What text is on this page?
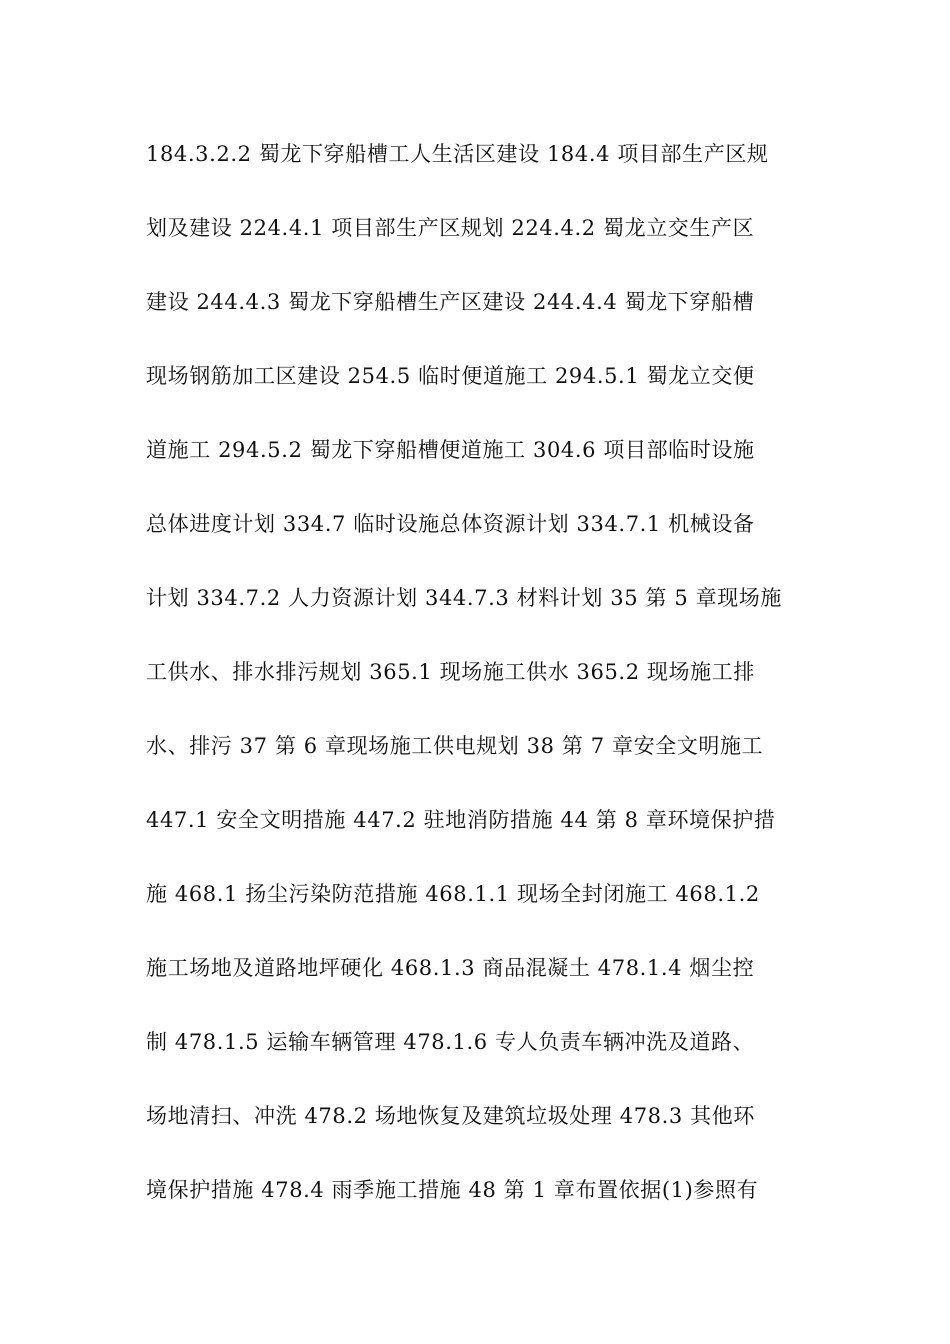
184.3.2.2 蜀龙下穿船槽工人生活区建设 184.4 项目部生产区规
划及建设 224.4.1 项目部生产区规划 224.4.2 蜀龙立交生产区
建设 244.4.3 蜀龙下穿船槽生产区建设 244.4.4 蜀龙下穿船槽
现场钢筋加工区建设 254.5 临时便道施工 294.5.1 蜀龙立交便
道施工 294.5.2 蜀龙下穿船槽便道施工 304.6 项目部临时设施
总体进度计划 334.7 临时设施总体资源计划 334.7.1 机械设备
计划 334.7.2 人力资源计划 344.7.3 材料计划 35 第 5 章现场施
工供水、排水排污规划 365.1 现场施工供水 365.2 现场施工排
水、排污 37 第 6 章现场施工供电规划 38 第 7 章安全文明施工
447.1 安全文明措施 447.2 驻地消防措施 44 第 8 章环境保护措
施 468.1 扬尘污染防范措施 468.1.1 现场全封闭施工 468.1.2
施工场地及道路地坪硬化 468.1.3 商品混凝土 478.1.4 烟尘控
制 478.1.5 运输车辆管理 478.1.6 专人负责车辆冲洗及道路、
场地清扫、冲洗 478.2 场地恢复及建筑垃圾处理 478.3 其他环
境保护措施 478.4 雨季施工措施 48 第 1 章布置依据(1)参照有
